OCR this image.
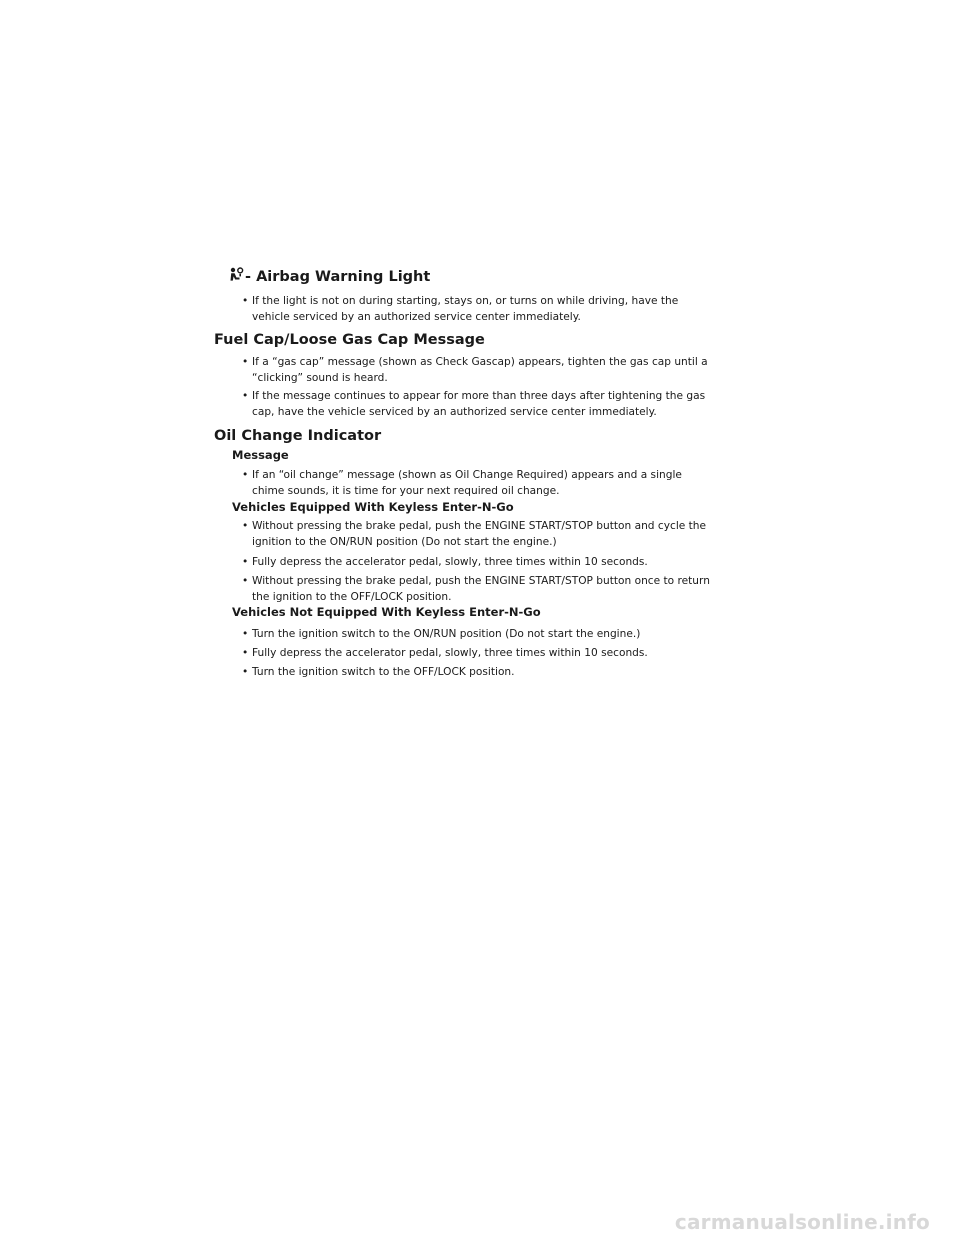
- Airbag Warning Light
• If the light is not on during starting, stays on, or turns on while driving, have the vehicle serviced by an authorized service center immediately.
Fuel Cap/Loose Gas Cap Message
• If a “gas cap” message (shown as Check Gascap) appears, tighten the gas cap until a “clicking” sound is heard.
• If the message continues to appear for more than three days after tightening the gas cap, have the vehicle serviced by an authorized service center immediately.
Oil Change Indicator
Message
• If an “oil change” message (shown as Oil Change Required) appears and a single chime sounds, it is time for your next required oil change.
Vehicles Equipped With Keyless Enter-N-Go
• Without pressing the brake pedal, push the ENGINE START/STOP button and cycle the ignition to the ON/RUN position (Do not start the engine.)
• Fully depress the accelerator pedal, slowly, three times within 10 seconds.
• Without pressing the brake pedal, push the ENGINE START/STOP button once to return the ignition to the OFF/LOCK position.
Vehicles Not Equipped With Keyless Enter-N-Go
• Turn the ignition switch to the ON/RUN position (Do not start the engine.)
• Fully depress the accelerator pedal, slowly, three times within 10 seconds.
• Turn the ignition switch to the OFF/LOCK position.
carmanualsonline.info
